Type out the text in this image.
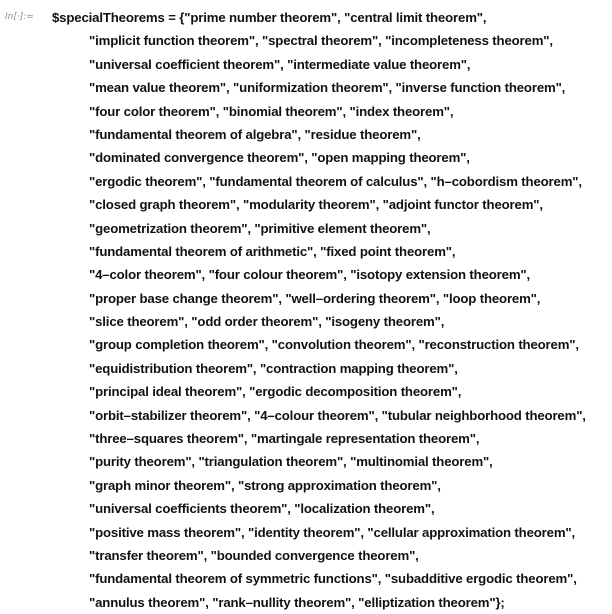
In[·]:= $specialTheorems = {"prime number theorem", "central limit theorem",
"implicit function theorem", "spectral theorem", "incompleteness theorem",
"universal coefficient theorem", "intermediate value theorem",
"mean value theorem", "uniformization theorem", "inverse function theorem",
"four color theorem", "binomial theorem", "index theorem",
"fundamental theorem of algebra", "residue theorem",
"dominated convergence theorem", "open mapping theorem",
"ergodic theorem", "fundamental theorem of calculus", "h–cobordism theorem",
"closed graph theorem", "modularity theorem", "adjoint functor theorem",
"geometrization theorem", "primitive element theorem",
"fundamental theorem of arithmetic", "fixed point theorem",
"4–color theorem", "four colour theorem", "isotopy extension theorem",
"proper base change theorem", "well–ordering theorem", "loop theorem",
"slice theorem", "odd order theorem", "isogeny theorem",
"group completion theorem", "convolution theorem", "reconstruction theorem",
"equidistribution theorem", "contraction mapping theorem",
"principal ideal theorem", "ergodic decomposition theorem",
"orbit–stabilizer theorem", "4–colour theorem", "tubular neighborhood theorem",
"three–squares theorem", "martingale representation theorem",
"purity theorem", "triangulation theorem", "multinomial theorem",
"graph minor theorem", "strong approximation theorem",
"universal coefficients theorem", "localization theorem",
"positive mass theorem", "identity theorem", "cellular approximation theorem",
"transfer theorem", "bounded convergence theorem",
"fundamental theorem of symmetric functions", "subadditive ergodic theorem",
"annulus theorem", "rank–nullity theorem", "elliptization theorem"};
